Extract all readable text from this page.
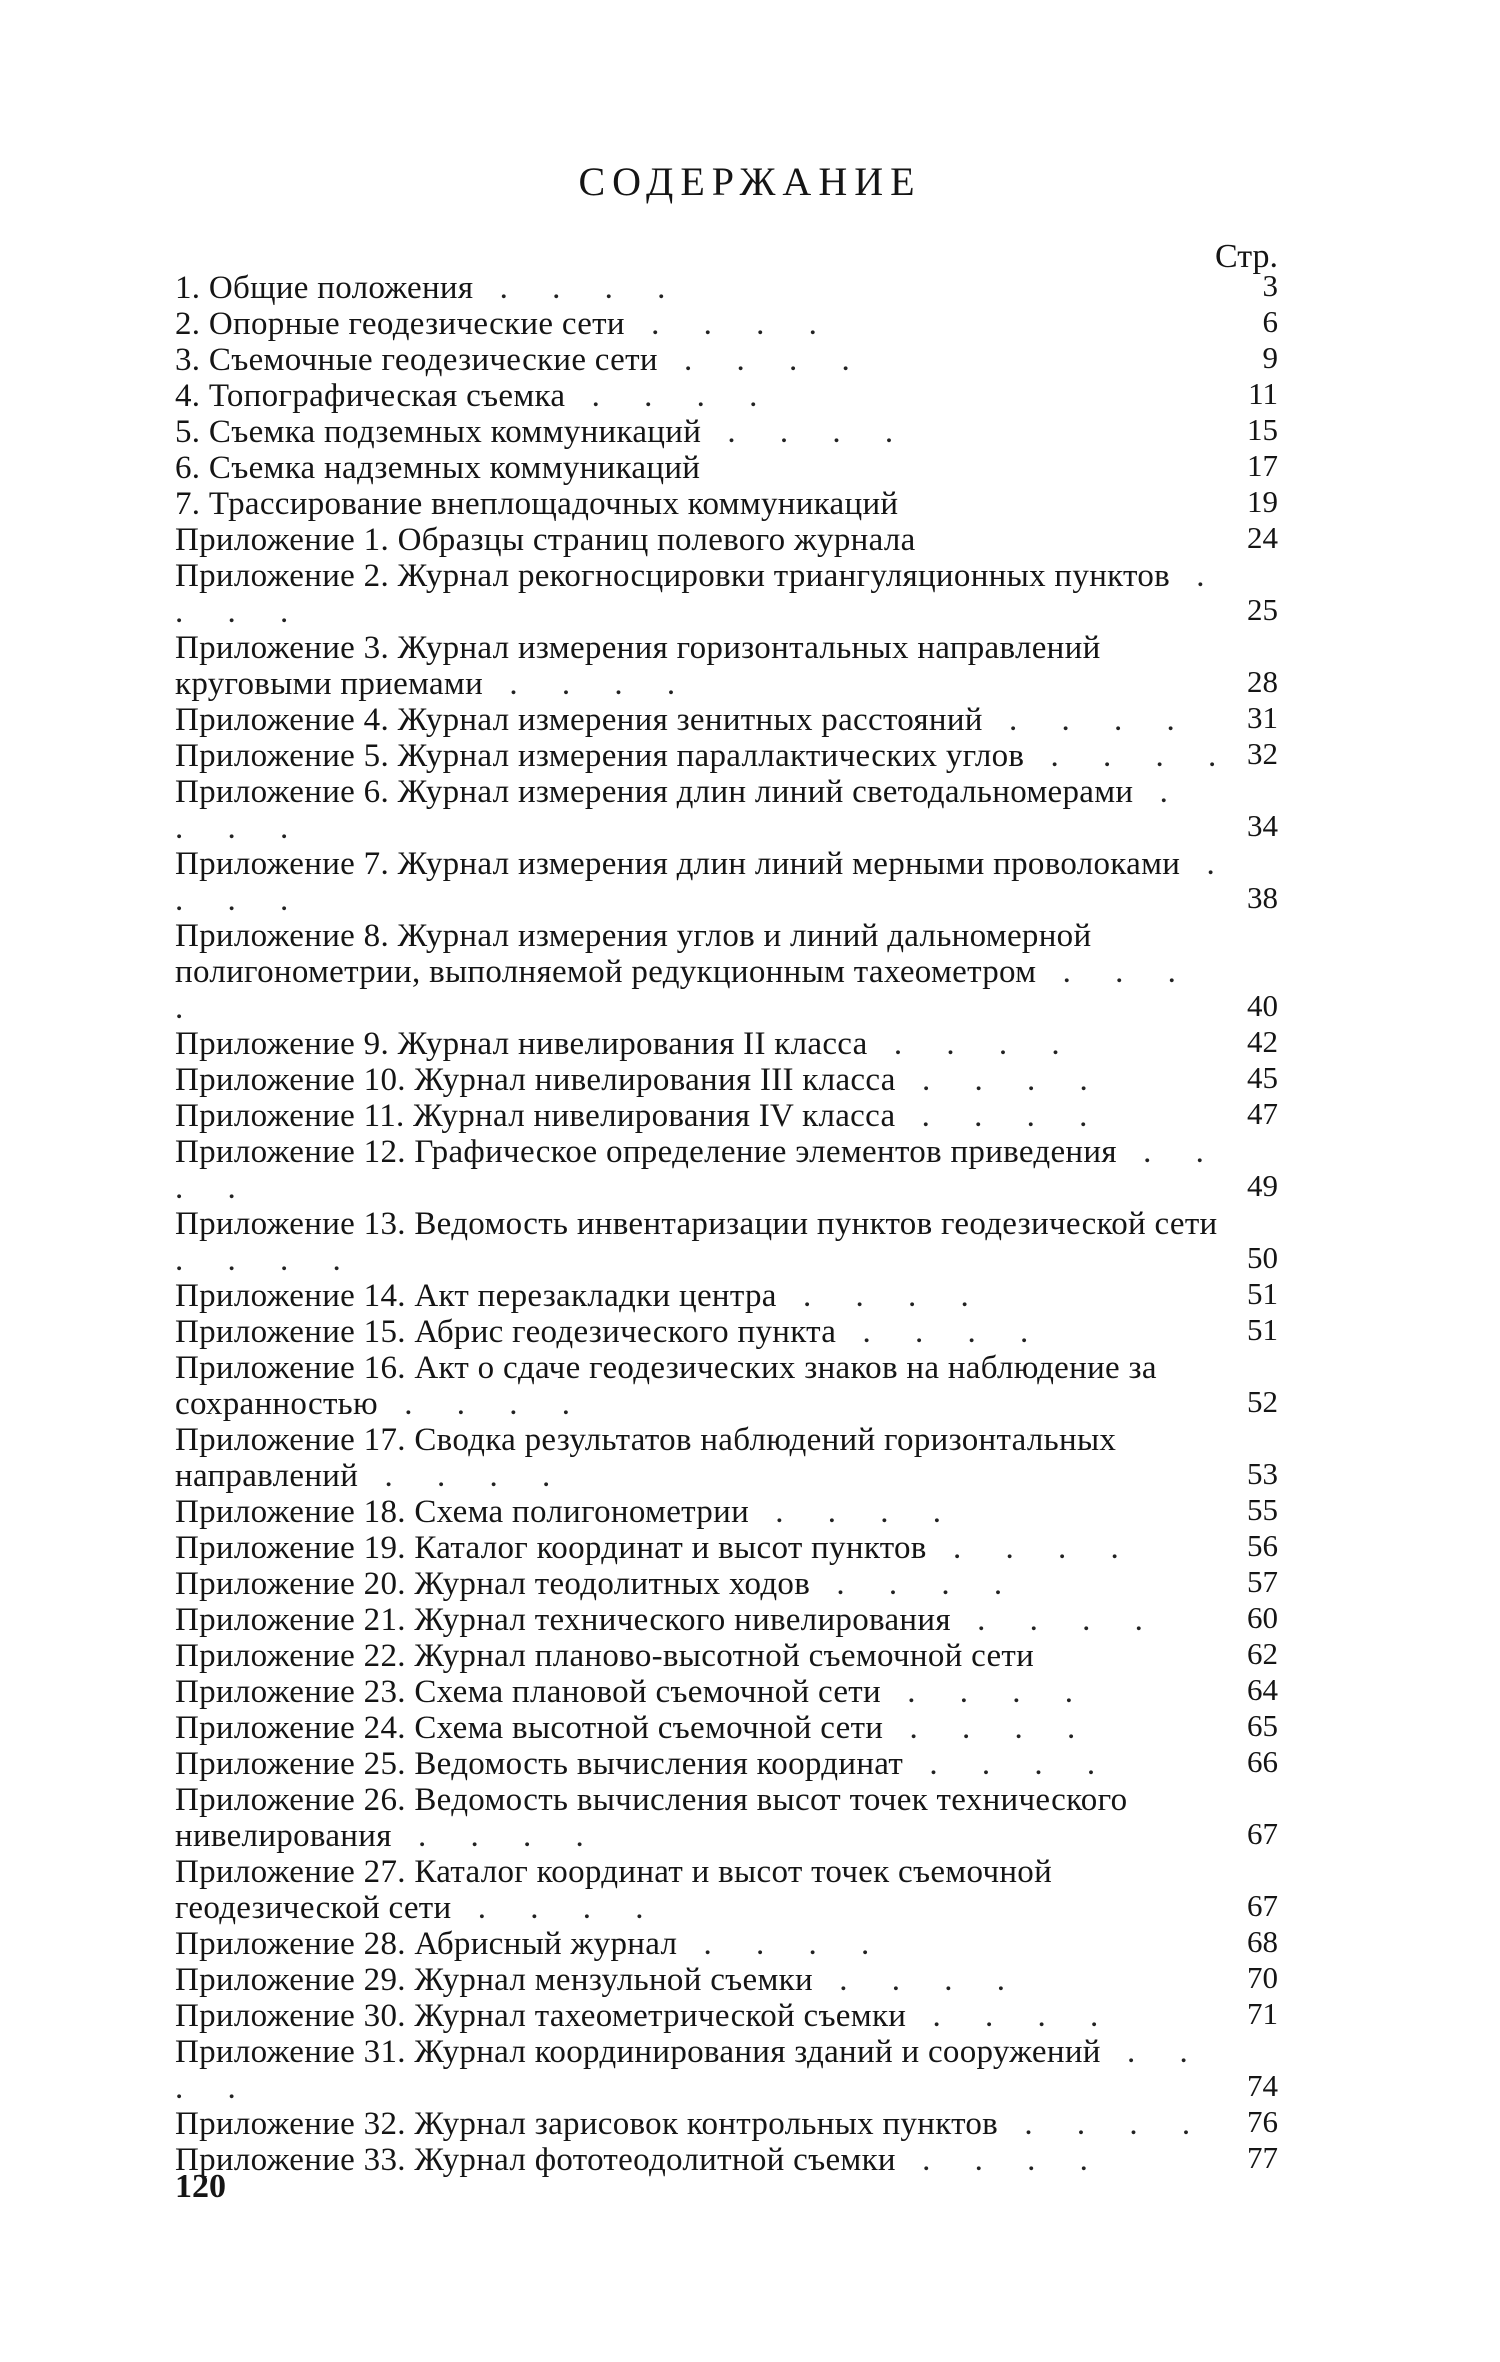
СОДЕРЖАНИЕ
Стр.
1. Общие положения . . . .	3
2. Опорные геодезические сети . . . .	6
3. Съемочные геодезические сети . . . .	9
4. Топографическая съемка . . . .	11
5. Съемка подземных коммуникаций . . . .	15
6. Съемка надземных коммуникаций	17
7. Трассирование внеплощадочных коммуникаций	19
Приложение 1. Образцы страниц полевого журнала	24
Приложение 2. Журнал рекогносцировки триангуляционных пунктов . . . .	25
Приложение 3. Журнал измерения горизонтальных направлений круговыми приемами . . . .	28
Приложение 4. Журнал измерения зенитных расстояний . . . .	31
Приложение 5. Журнал измерения параллактических углов . . . . 32
Приложение 6. Журнал измерения длин линий светодальномерами . . . .	34
Приложение 7. Журнал измерения длин линий мерными проволоками . . . .	38
Приложение 8. Журнал измерения углов и линий дальномерной полигонометрии, выполняемой редукционным тахеометром . . . .	40
Приложение 9. Журнал нивелирования II класса . . . .	42
Приложение 10. Журнал нивелирования III класса . . . .	45
Приложение 11. Журнал нивелирования IV класса . . . .	47
Приложение 12. Графическое определение элементов приведения . . . .	49
Приложение 13. Ведомость инвентаризации пунктов геодезической сети . . . .	50
Приложение 14. Акт перезакладки центра . . . .	51
Приложение 15. Абрис геодезического пункта . . . .	51
Приложение 16. Акт о сдаче геодезических знаков на наблюдение за сохранностью . . . .	52
Приложение 17. Сводка результатов наблюдений горизонтальных направлений . . . .	53
Приложение 18. Схема полигонометрии . . . .	55
Приложение 19. Каталог координат и высот пунктов . . . .	56
Приложение 20. Журнал теодолитных ходов . . . .	57
Приложение 21. Журнал технического нивелирования . . . .	60
Приложение 22. Журнал планово-высотной съемочной сети	62
Приложение 23. Схема плановой съемочной сети . . . .	64
Приложение 24. Схема высотной съемочной сети . . . .	65
Приложение 25. Ведомость вычисления координат . . . .	66
Приложение 26. Ведомость вычисления высот точек технического нивелирования . . . .	67
Приложение 27. Каталог координат и высот точек съемочной геодезической сети . . . .	67
Приложение 28. Абрисный журнал . . . .	68
Приложение 29. Журнал мензульной съемки . . . .	70
Приложение 30. Журнал тахеометрической съемки . . . .	71
Приложение 31. Журнал координирования зданий и сооружений . . . .	74
Приложение 32. Журнал зарисовок контрольных пунктов . . . .	76
Приложение 33. Журнал фототеодолитной съемки . . . .	77
120
